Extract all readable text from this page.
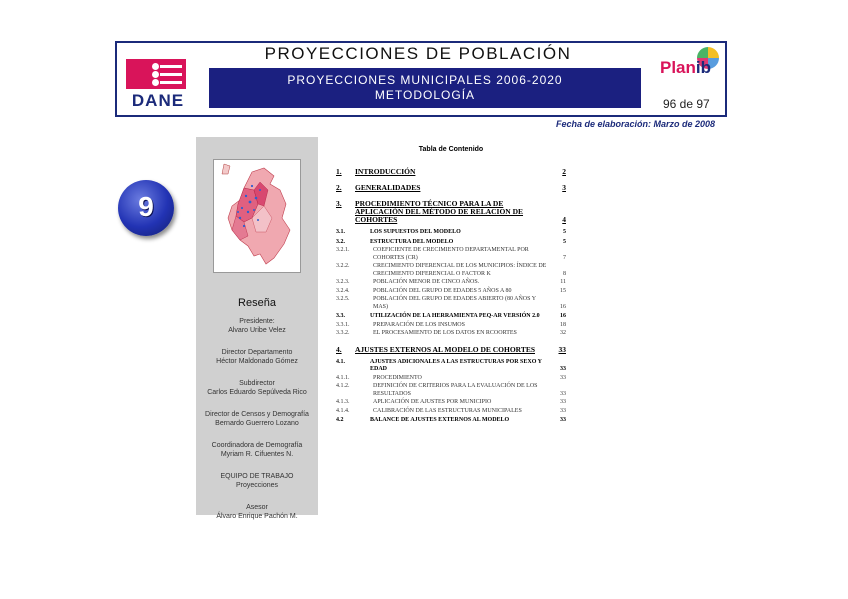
DANE
PROYECCIONES DE POBLACIÓN
PROYECCIONES MUNICIPALES 2006-2020
METODOLOGÍA
Planib
96 de 97
Fecha de elaboración: Marzo de 2008
9
Reseña
Presidente:
Alvaro Uribe Velez
Director Departamento
Héctor Maldonado Gómez
Subdirector
Carlos Eduardo Sepúlveda Rico
Director de Censos y Demografía
Bernardo Guerrero Lozano
Coordinadora de Demografía
Myriam R. Cifuentes N.
EQUIPO DE TRABAJO
Proyecciones
Asesor
Álvaro Enrique Pachón M.
Tabla de Contenido
1.	INTRODUCCIÓN	2
2.	GENERALIDADES	3
3.	PROCEDIMIENTO TÉCNICO PARA LA DE APLICACIÓN DEL MÉTODO DE RELACION DE COHORTES	4
3.1.	LOS SUPUESTOS DEL MODELO	5
3.2.	ESTRUCTURA DEL MODELO	5
3.2.1.	COEFICIENTE DE CRECIMIENTO DEPARTAMENTAL POR COHORTES (CR)	7
3.2.2.	CRECIMIENTO DIFERENCIAL DE LOS MUNICIPIOS: ÍNDICE DE CRECIMIENTO DIFERENCIAL O FACTOR K	8
3.2.3.	POBLACIÓN MENOR DE CINCO AÑOS.	11
3.2.4.	POBLACIÓN DEL GRUPO DE EDADES 5 AÑOS A 80	15
3.2.5.	POBLACIÓN DEL GRUPO DE EDADES ABIERTO (80 AÑOS Y MAS)	16
3.3.	UTILIZACIÓN DE LA HERRAMIENTA PEQ-AR VERSIÓN 2.0	16
3.3.1.	PREPARACIÓN DE LOS INSUMOS	18
3.3.2.	EL PROCESAMIENTO DE LOS DATOS EN RCOORTES	32
4.	AJUSTES EXTERNOS AL MODELO DE COHORTES	33
4.1.	AJUSTES ADICIONALES A LAS ESTRUCTURAS POR SEXO Y EDAD	33
4.1.1.	PROCEDIMIENTO	33
4.1.2.	DEFINICIÓN DE CRITERIOS PARA LA EVALUACIÓN DE LOS RESULTADOS	33
4.1.3.	APLICACIÓN DE AJUSTES POR MUNICIPIO	33
4.1.4.	CALIBRACIÓN DE LAS ESTRUCTURAS MUNICIPALES	33
4.2	BALANCE DE AJUSTES EXTERNOS AL MODELO	33
